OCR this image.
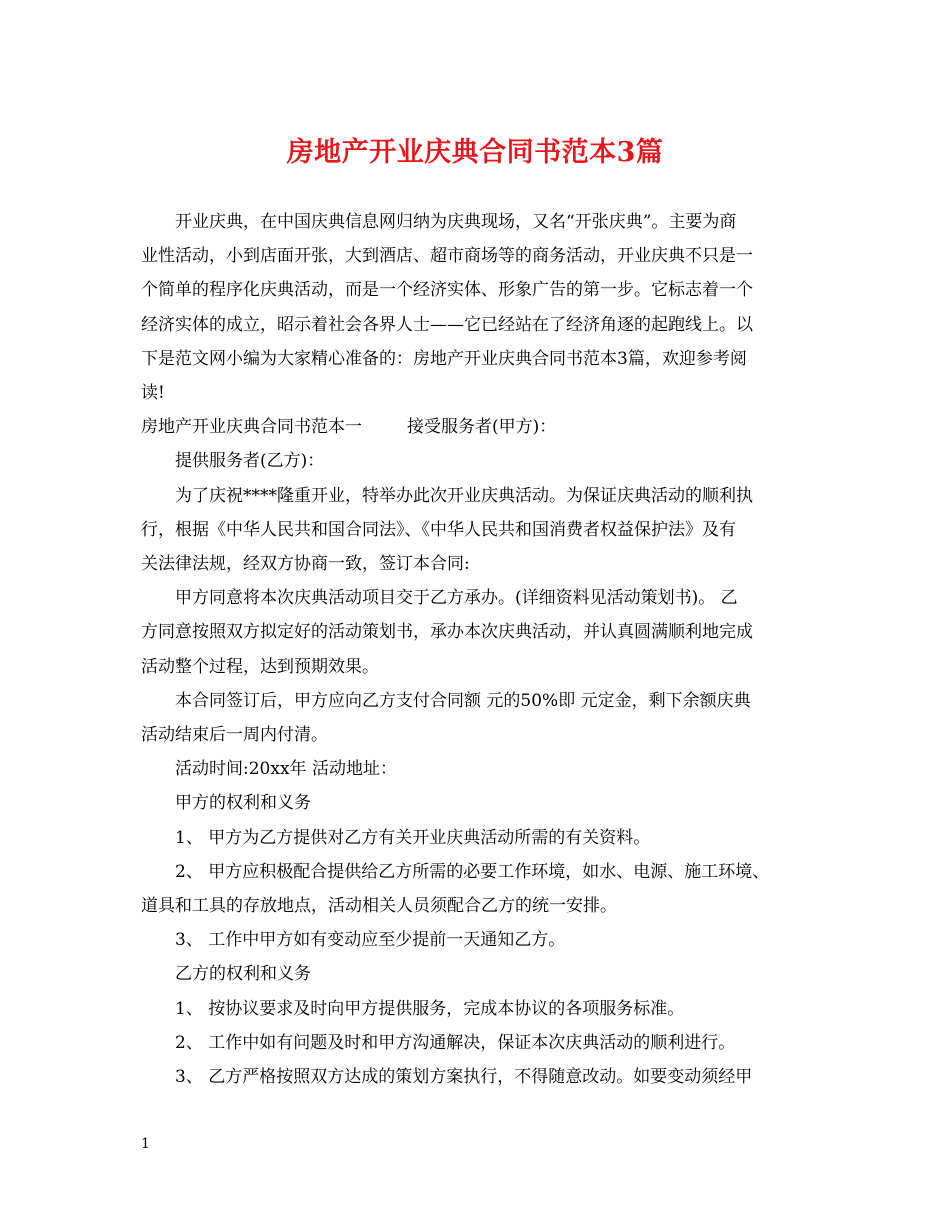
房地产开业庆典合同书范本3篇
开业庆典，在中国庆典信息网归纳为庆典现场，又名“开张庆典”。主要为商
业性活动，小到店面开张，大到酒店、超市商场等的商务活动，开业庆典不只是一
个简单的程序化庆典活动，而是一个经济实体、形象广告的第一步。它标志着一个
经济实体的成立，昭示着社会各界人士——它已经站在了经济角逐的起跑线上。以
下是范文网小编为大家精心准备的：房地产开业庆典合同书范本3篇，欢迎参考阅
读!
房地产开业庆典合同书范本一	接受服务者(甲方)：
提供服务者(乙方)：
为了庆祝****隆重开业，特举办此次开业庆典活动。为保证庆典活动的顺利执
行，根据《中华人民共和国合同法》、《中华人民共和国消费者权益保护法》及有
关法律法规，经双方协商一致，签订本合同:
甲方同意将本次庆典活动项目交于乙方承办。(详细资料见活动策划书)。 乙
方同意按照双方拟定好的活动策划书，承办本次庆典活动，并认真圆满顺利地完成
活动整个过程，达到预期效果。
本合同签订后，甲方应向乙方支付合同额 元的50%即 元定金，剩下余额庆典
活动结束后一周内付清。
活动时间:20xx年 活动地址：
甲方的权利和义务
1、 甲方为乙方提供对乙方有关开业庆典活动所需的有关资料。
2、 甲方应积极配合提供给乙方所需的必要工作环境，如水、电源、施工环境、
道具和工具的存放地点，活动相关人员须配合乙方的统一安排。
3、 工作中甲方如有变动应至少提前一天通知乙方。
乙方的权利和义务
1、 按协议要求及时向甲方提供服务，完成本协议的各项服务标准。
2、 工作中如有问题及时和甲方沟通解决，保证本次庆典活动的顺利进行。
3、 乙方严格按照双方达成的策划方案执行，不得随意改动。如要变动须经甲
1
